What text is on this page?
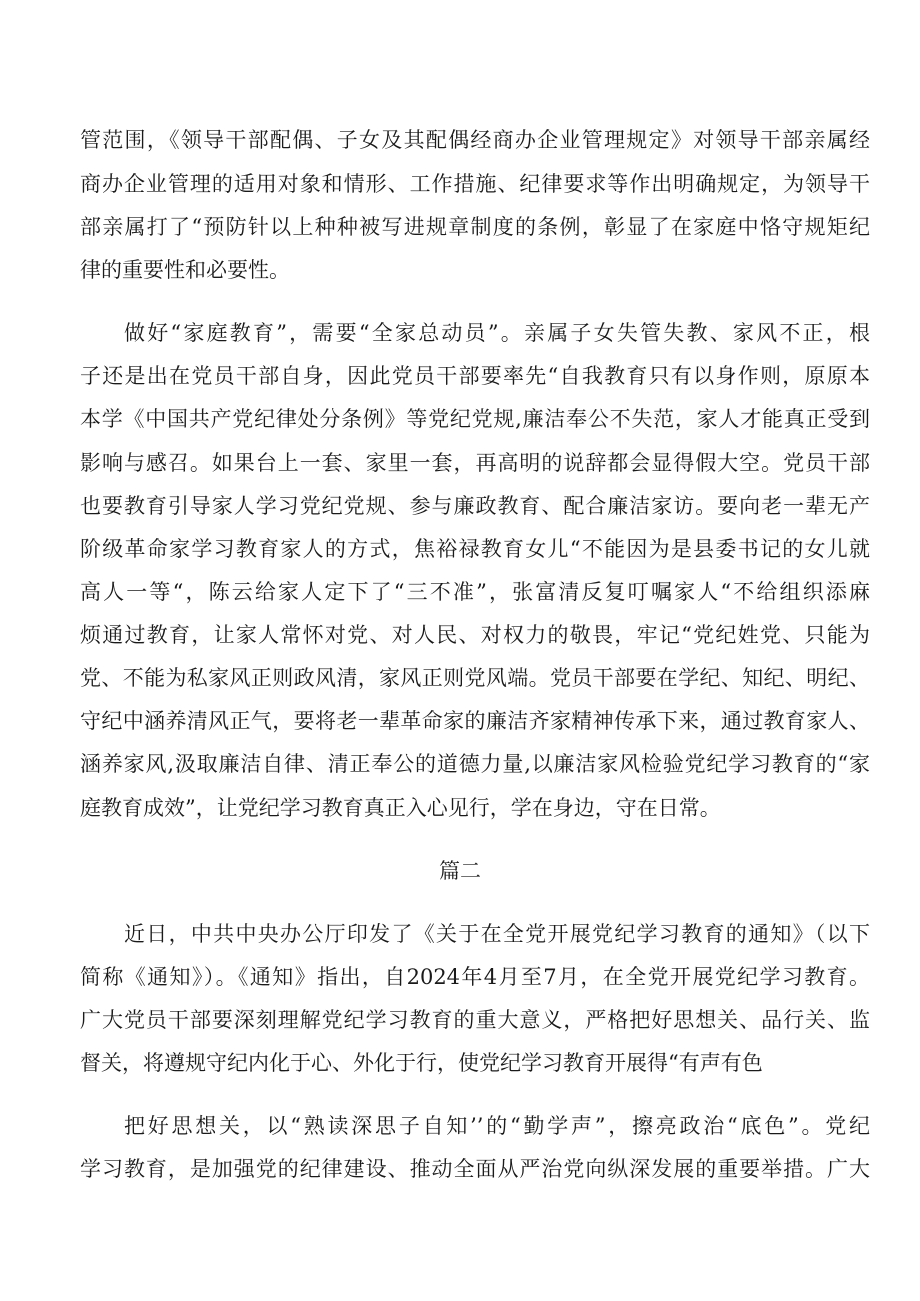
管范围，《领导干部配偶、子女及其配偶经商办企业管理规定》对领导干部亲属经
商办企业管理的适用对象和情形、工作措施、纪律要求等作出明确规定，为领导干
部亲属打了“预防针以上种种被写进规章制度的条例，彰显了在家庭中恪守规矩纪
律的重要性和必要性。
做好“家庭教育”，需要“全家总动员”。亲属子女失管失教、家风不正，根
子还是出在党员干部自身，因此党员干部要率先“自我教育只有以身作则，原原本
本学《中国共产党纪律处分条例》等党纪党规,廉洁奉公不失范，家人才能真正受到
影响与感召。如果台上一套、家里一套，再高明的说辞都会显得假大空。党员干部
也要教育引导家人学习党纪党规、参与廉政教育、配合廉洁家访。要向老一辈无产
阶级革命家学习教育家人的方式，焦裕禄教育女儿“不能因为是县委书记的女儿就
高人一等“，陈云给家人定下了“三不准”，张富清反复叮嘱家人“不给组织添麻
烦通过教育，让家人常怀对党、对人民、对权力的敬畏，牢记“党纪姓党、只能为
党、不能为私家风正则政风清，家风正则党风端。党员干部要在学纪、知纪、明纪、
守纪中涵养清风正气，要将老一辈革命家的廉洁齐家精神传承下来，通过教育家人、
涵养家风,汲取廉洁自律、清正奉公的道德力量,以廉洁家风检验党纪学习教育的“家
庭教育成效”，让党纪学习教育真正入心见行，学在身边，守在日常。
篇二
近日，中共中央办公厅印发了《关于在全党开展党纪学习教育的通知》（以下
简称《通知》）。《通知》指出，自2024年4月至7月，在全党开展党纪学习教育。
广大党员干部要深刻理解党纪学习教育的重大意义，严格把好思想关、品行关、监
督关，将遵规守纪内化于心、外化于行，使党纪学习教育开展得“有声有色
把好思想关，以“熟读深思子自知’’的“勤学声”，擦亮政治“底色”。党纪
学习教育，是加强党的纪律建设、推动全面从严治党向纵深发展的重要举措。广大
